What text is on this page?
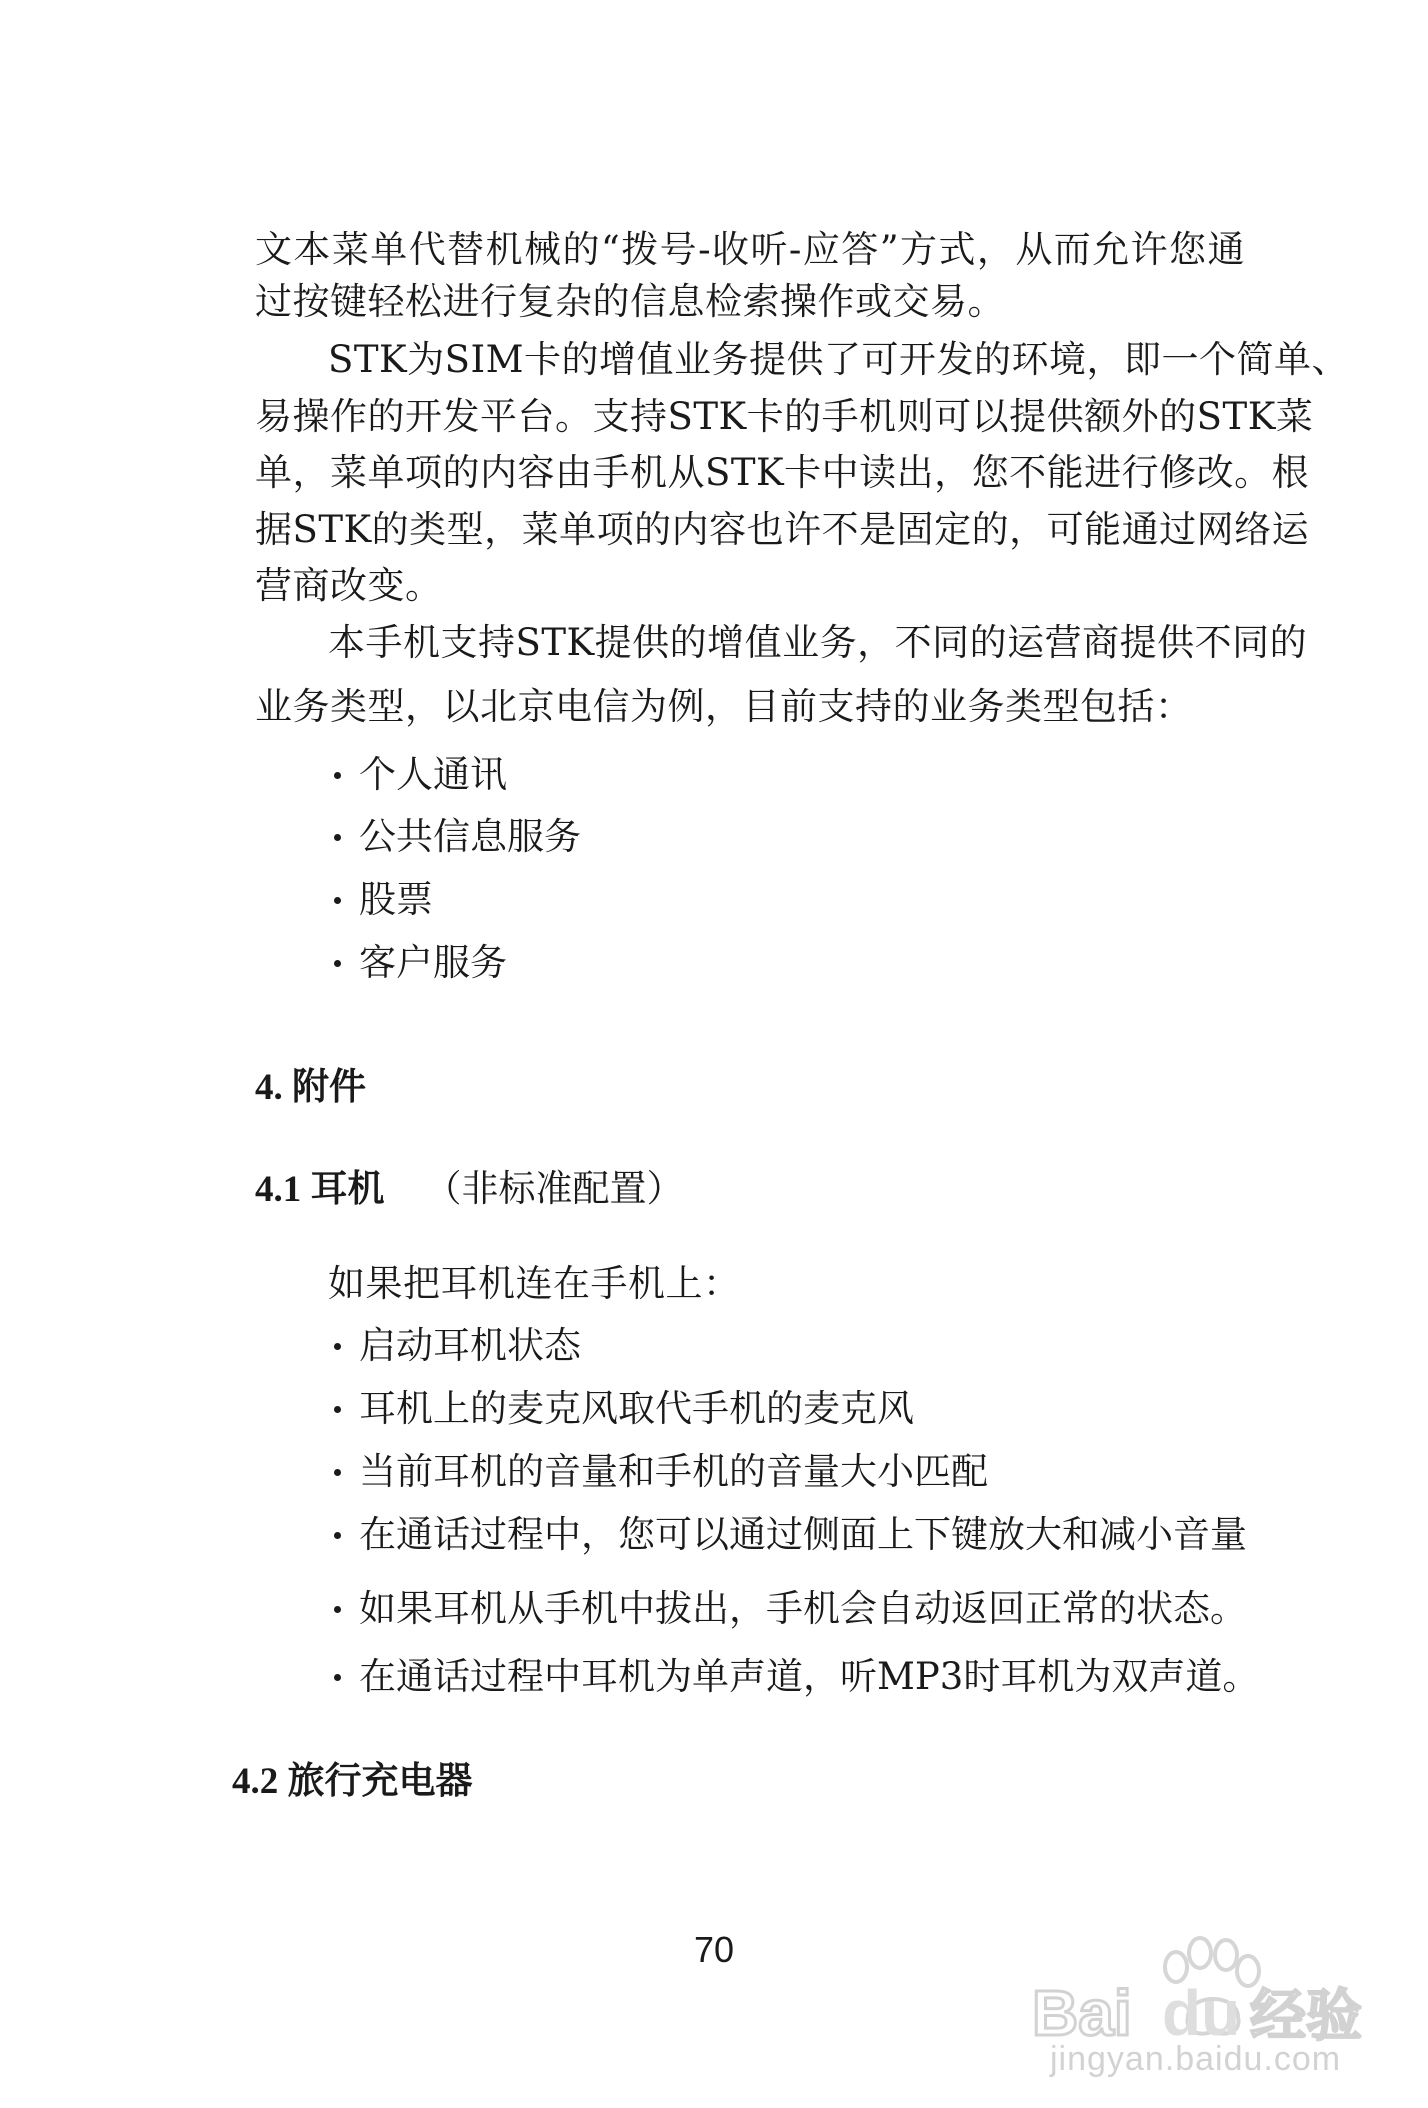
文本菜单代替机械的“拨号-收听-应答”方式，从而允许您通
过按键轻松进行复杂的信息检索操作或交易。
STK为SIM卡的增值业务提供了可开发的环境，即一个简单、
易操作的开发平台。支持STK卡的手机则可以提供额外的STK菜
单，菜单项的内容由手机从STK卡中读出，您不能进行修改。根
据STK的类型，菜单项的内容也许不是固定的，可能通过网络运
营商改变。
本手机支持STK提供的增值业务，不同的运营商提供不同的
业务类型，以北京电信为例，目前支持的业务类型包括：
个人通讯
公共信息服务
股票
客户服务
4. 附件
4.1 耳机 （非标准配置）
如果把耳机连在手机上：
启动耳机状态
耳机上的麦克风取代手机的麦克风
当前耳机的音量和手机的音量大小匹配
在通话过程中，您可以通过侧面上下键放大和减小音量
如果耳机从手机中拔出，手机会自动返回正常的状态。
在通话过程中耳机为单声道，听MP3时耳机为双声道。
4.2 旅行充电器
70
Bai du 经验
jingyan.baidu.com
